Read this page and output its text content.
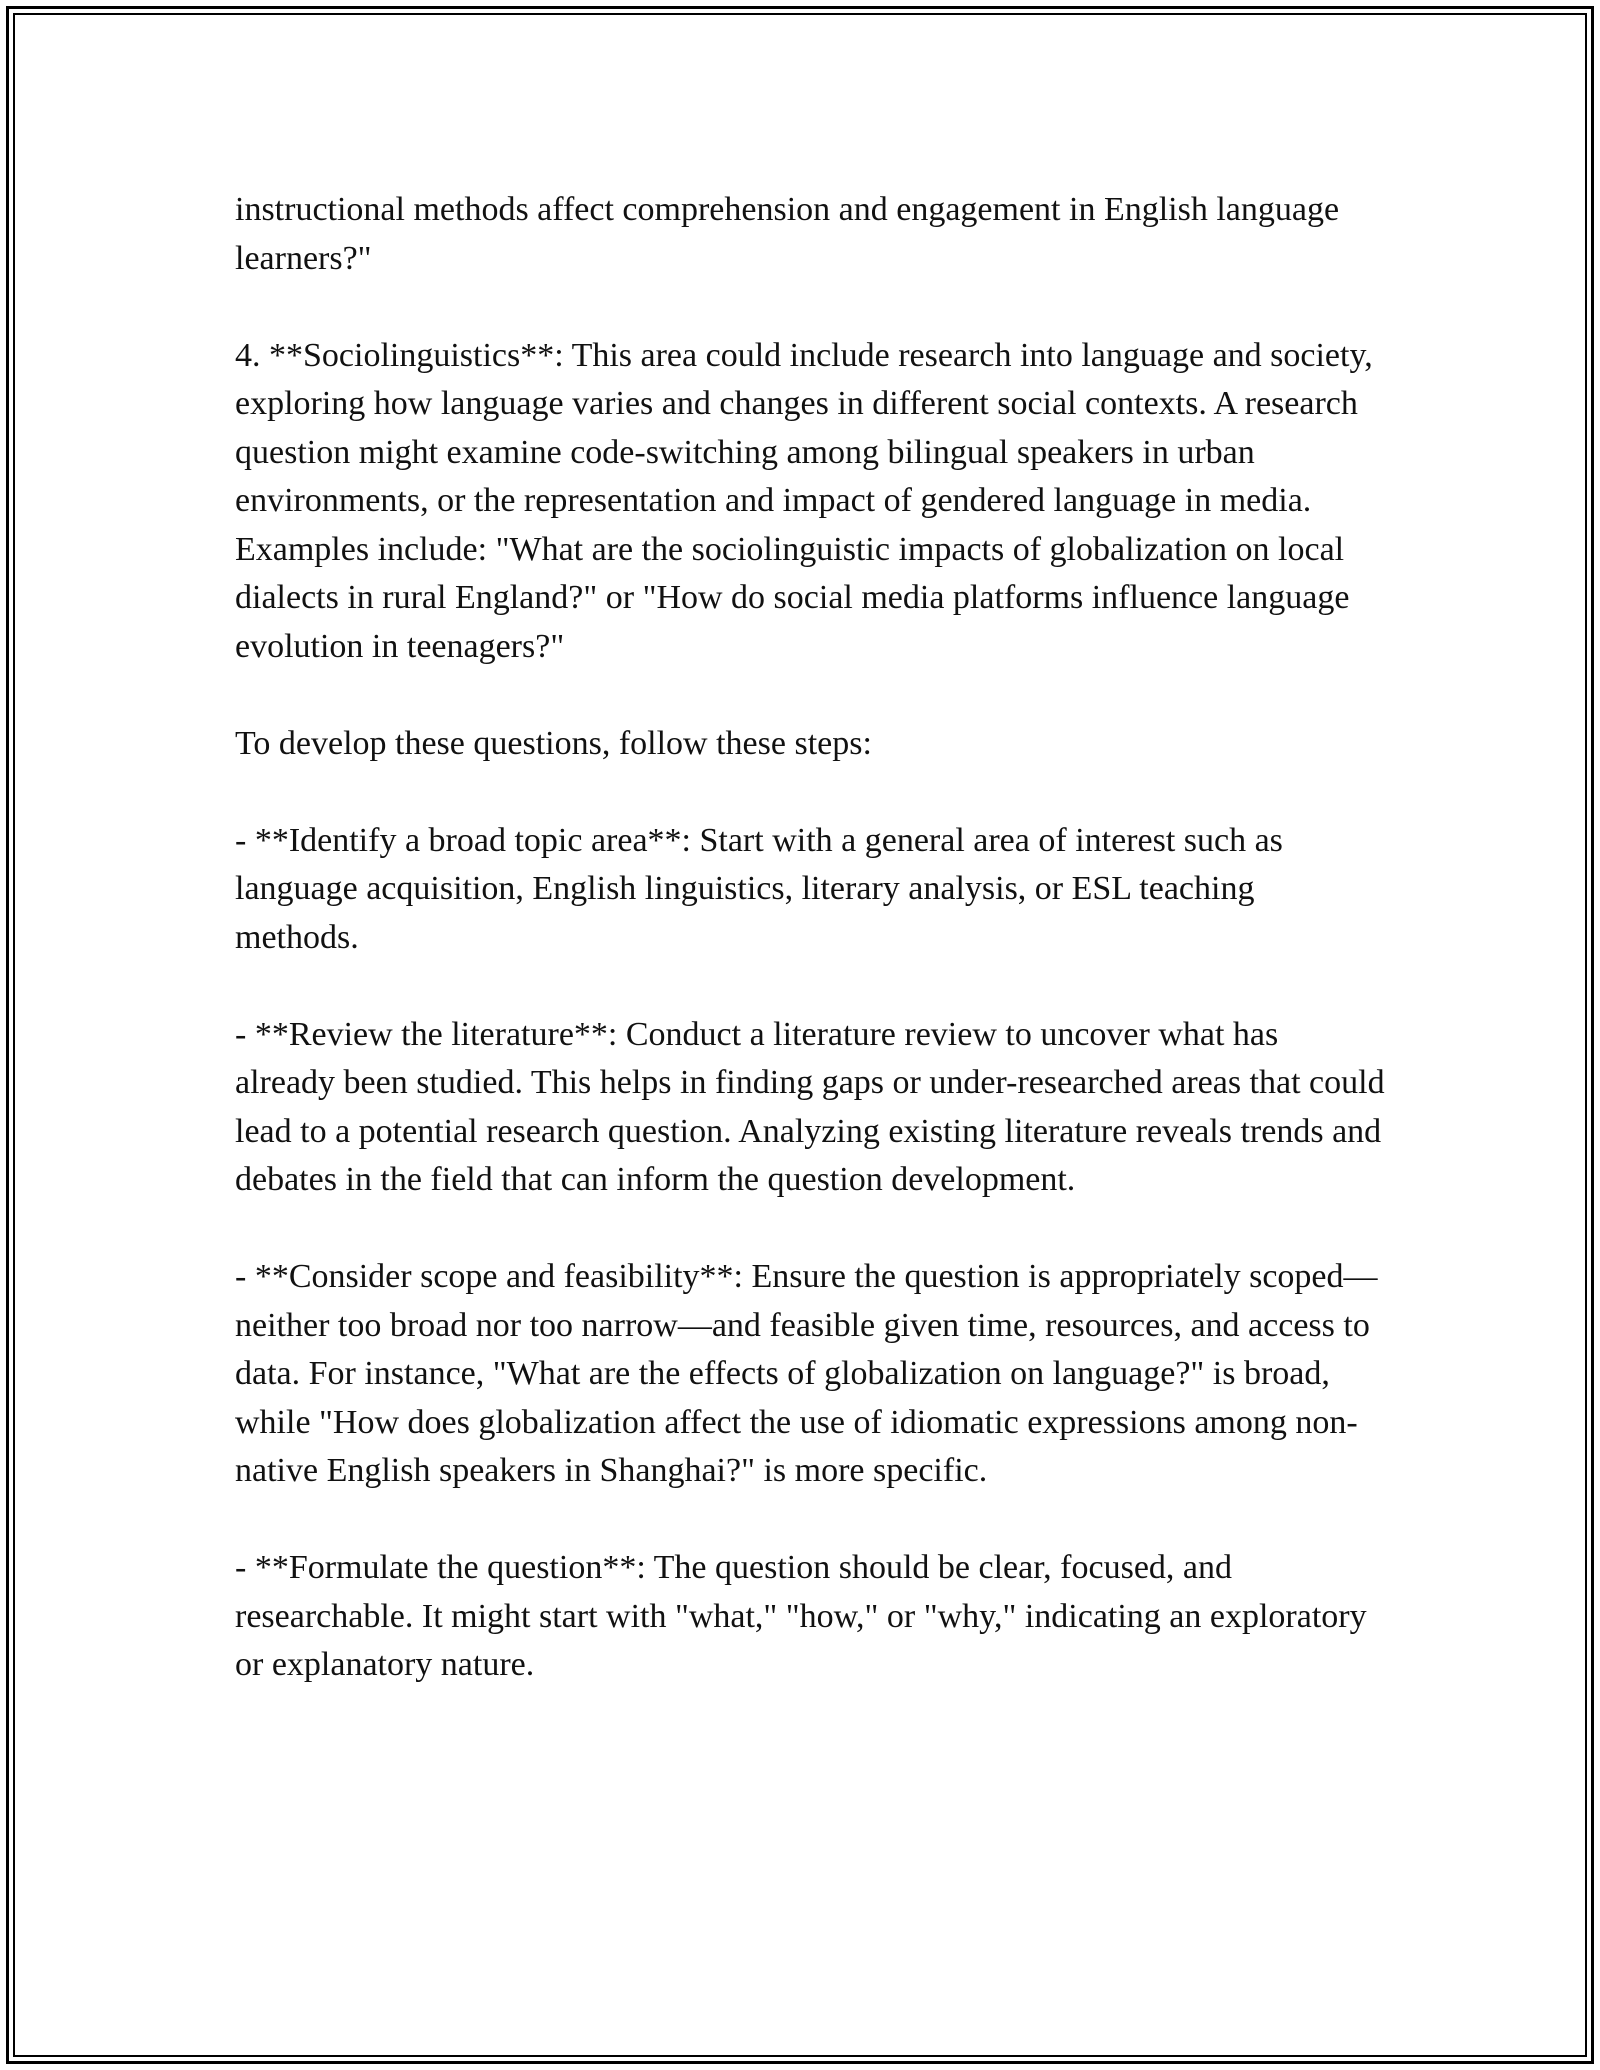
instructional methods affect comprehension and engagement in English language learners?"

4. **Sociolinguistics**: This area could include research into language and society, exploring how language varies and changes in different social contexts. A research question might examine code-switching among bilingual speakers in urban environments, or the representation and impact of gendered language in media. Examples include: "What are the sociolinguistic impacts of globalization on local dialects in rural England?" or "How do social media platforms influence language evolution in teenagers?"

To develop these questions, follow these steps:

- **Identify a broad topic area**: Start with a general area of interest such as language acquisition, English linguistics, literary analysis, or ESL teaching methods.

- **Review the literature**: Conduct a literature review to uncover what has already been studied. This helps in finding gaps or under-researched areas that could lead to a potential research question. Analyzing existing literature reveals trends and debates in the field that can inform the question development.

- **Consider scope and feasibility**: Ensure the question is appropriately scoped—neither too broad nor too narrow—and feasible given time, resources, and access to data. For instance, "What are the effects of globalization on language?" is broad, while "How does globalization affect the use of idiomatic expressions among non-native English speakers in Shanghai?" is more specific.

- **Formulate the question**: The question should be clear, focused, and researchable. It might start with "what," "how," or "why," indicating an exploratory or explanatory nature.
